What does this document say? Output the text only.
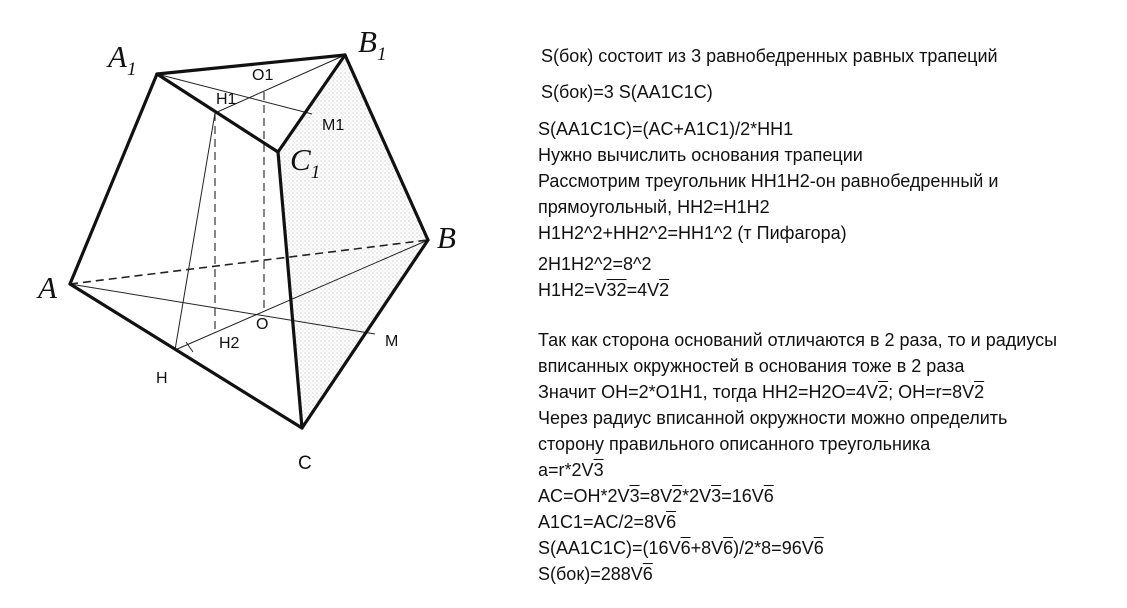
$A_1$
$B_1$
$C_1$
A
B
C
O1
H1
M1
O
H2
H
M

S(бок) состоит из 3 равнобедренных равных трапеций

S(бок)=3 S(AA1C1C)

S(AA1C1C)=(AC+A1C1)/2*HH1

Нужно вычислить основания трапеции

Рассмотрим треугольник HH1H2-он равнобедренный и

прямоугольный, HH2=H1H2

H1H2^2+HH2^2=HH1^2 (т Пифагора)

2H1H2^2=8^2

H1H2=V32=4V2

Так как сторона оснований отличаются в 2 раза, то и радиусы

вписанных окружностей в основания тоже в 2 раза

Значит OH=2*O1H1, тогда HH2=H2O=4V2; OH=r=8V2

Через радиус вписанной окружности можно определить

сторону правильного описанного треугольника

a=r*2V3

AC=OH*2V3=8V2*2V3=16V6

A1C1=AC/2=8V6

S(AA1C1C)=(16V6+8V6)/2*8=96V6

S(бок)=288V6
